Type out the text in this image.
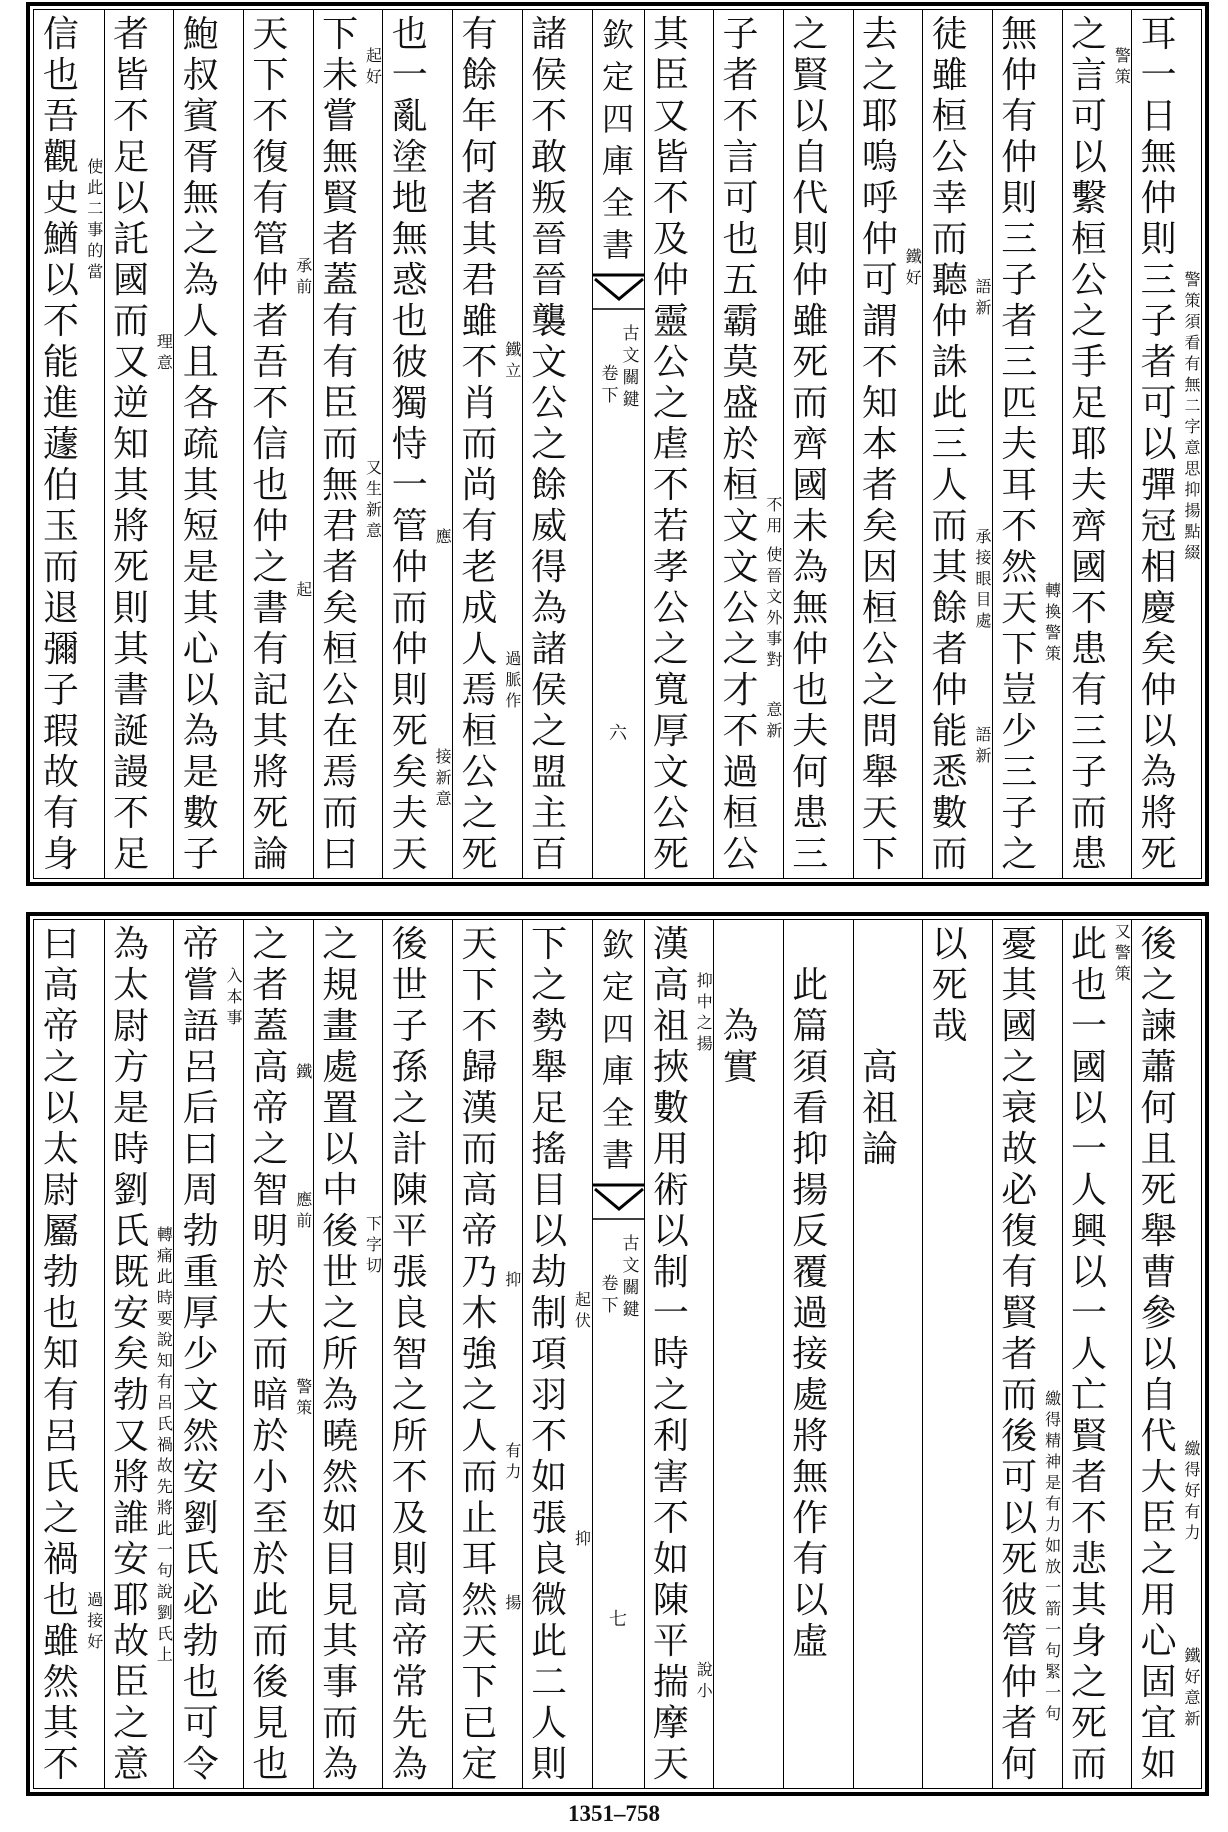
耳
一
日
無
仲
則
三
子
者
可
以
彈
冠
相
慶
矣
仲
以
為
將
死
警策須看有無二字意思抑揚點綴
之
言
可
以
繫
桓
公
之
手
足
耶
夫
齊
國
不
患
有
三
子
而
患
警策
無
仲
有
仲
則
三
子
者
三
匹
夫
耳
不
然
天
下
豈
少
三
子
之
轉換警策
徒
雖
桓
公
幸
而
聽
仲
誅
此
三
人
而
其
餘
者
仲
能
悉
數
而
語新
承接眼目處
語新
去
之
耶
嗚
呼
仲
可
謂
不
知
本
者
矣
因
桓
公
之
問
舉
天
下
鐵好
之
賢
以
自
代
則
仲
雖
死
而
齊
國
未
為
無
仲
也
夫
何
患
三
子
者
不
言
可
也
五
霸
莫
盛
於
桓
文
文
公
之
才
不
過
桓
公
不用
使晉文外事對
意新
其
臣
又
皆
不
及
仲
靈
公
之
虐
不
若
孝
公
之
寬
厚
文
公
死
欽
定
四
庫
全
書
古文關鍵
卷下
六
諸
侯
不
敢
叛
晉
晉
襲
文
公
之
餘
威
得
為
諸
侯
之
盟
主
百
有
餘
年
何
者
其
君
雖
不
肖
而
尚
有
老
成
人
焉
桓
公
之
死
鐵立
過脈作
也
一
亂
塗
地
無
惑
也
彼
獨
恃
一
管
仲
而
仲
則
死
矣
夫
天
應
接新意
下
未
嘗
無
賢
者
蓋
有
有
臣
而
無
君
者
矣
桓
公
在
焉
而
曰
起好
又生新意
天
下
不
復
有
管
仲
者
吾
不
信
也
仲
之
書
有
記
其
將
死
論
承前
起
鮑
叔
賓
胥
無
之
為
人
且
各
疏
其
短
是
其
心
以
為
是
數
子
者
皆
不
足
以
託
國
而
又
逆
知
其
將
死
則
其
書
誕
謾
不
足
理意
信
也
吾
觀
史
鰌
以
不
能
進
蘧
伯
玉
而
退
彌
子
瑕
故
有
身
使此二事的當
後
之
諫
蕭
何
且
死
舉
曹
參
以
自
代
大
臣
之
用
心
固
宜
如
繳得好有力
鐵好意新
此
也
一
國
以
一
人
興
以
一
人
亡
賢
者
不
悲
其
身
之
死
而
又警策
憂
其
國
之
衰
故
必
復
有
賢
者
而
後
可
以
死
彼
管
仲
者
何
繳得精神是有力如放一箭一句緊一句
以
死
哉
高
祖
論
此
篇
須
看
抑
揚
反
覆
過
接
處
將
無
作
有
以
虛
為
實
漢
高
祖
挾
數
用
術
以
制
一
時
之
利
害
不
如
陳
平
揣
摩
天
抑中之揚
說小
欽
定
四
庫
全
書
古文關鍵
卷下
七
下
之
勢
舉
足
搖
目
以
劫
制
項
羽
不
如
張
良
微
此
二
人
則
起伏
抑
天
下
不
歸
漢
而
高
帝
乃
木
強
之
人
而
止
耳
然
天
下
已
定
抑
有力
揚
後
世
子
孫
之
計
陳
平
張
良
智
之
所
不
及
則
高
帝
常
先
為
之
規
畫
處
置
以
中
後
世
之
所
為
曉
然
如
目
見
其
事
而
為
下字切
之
者
蓋
高
帝
之
智
明
於
大
而
暗
於
小
至
於
此
而
後
見
也
鐵
應前
警策
帝
嘗
語
呂
后
曰
周
勃
重
厚
少
文
然
安
劉
氏
必
勃
也
可
令
入本事
為
太
尉
方
是
時
劉
氏
既
安
矣
勃
又
將
誰
安
耶
故
臣
之
意
轉痛此時要說知有呂氏禍故先將此一句說劉氏上
曰
高
帝
之
以
太
尉
屬
勃
也
知
有
呂
氏
之
禍
也
雖
然
其
不
過接好
1351–758
